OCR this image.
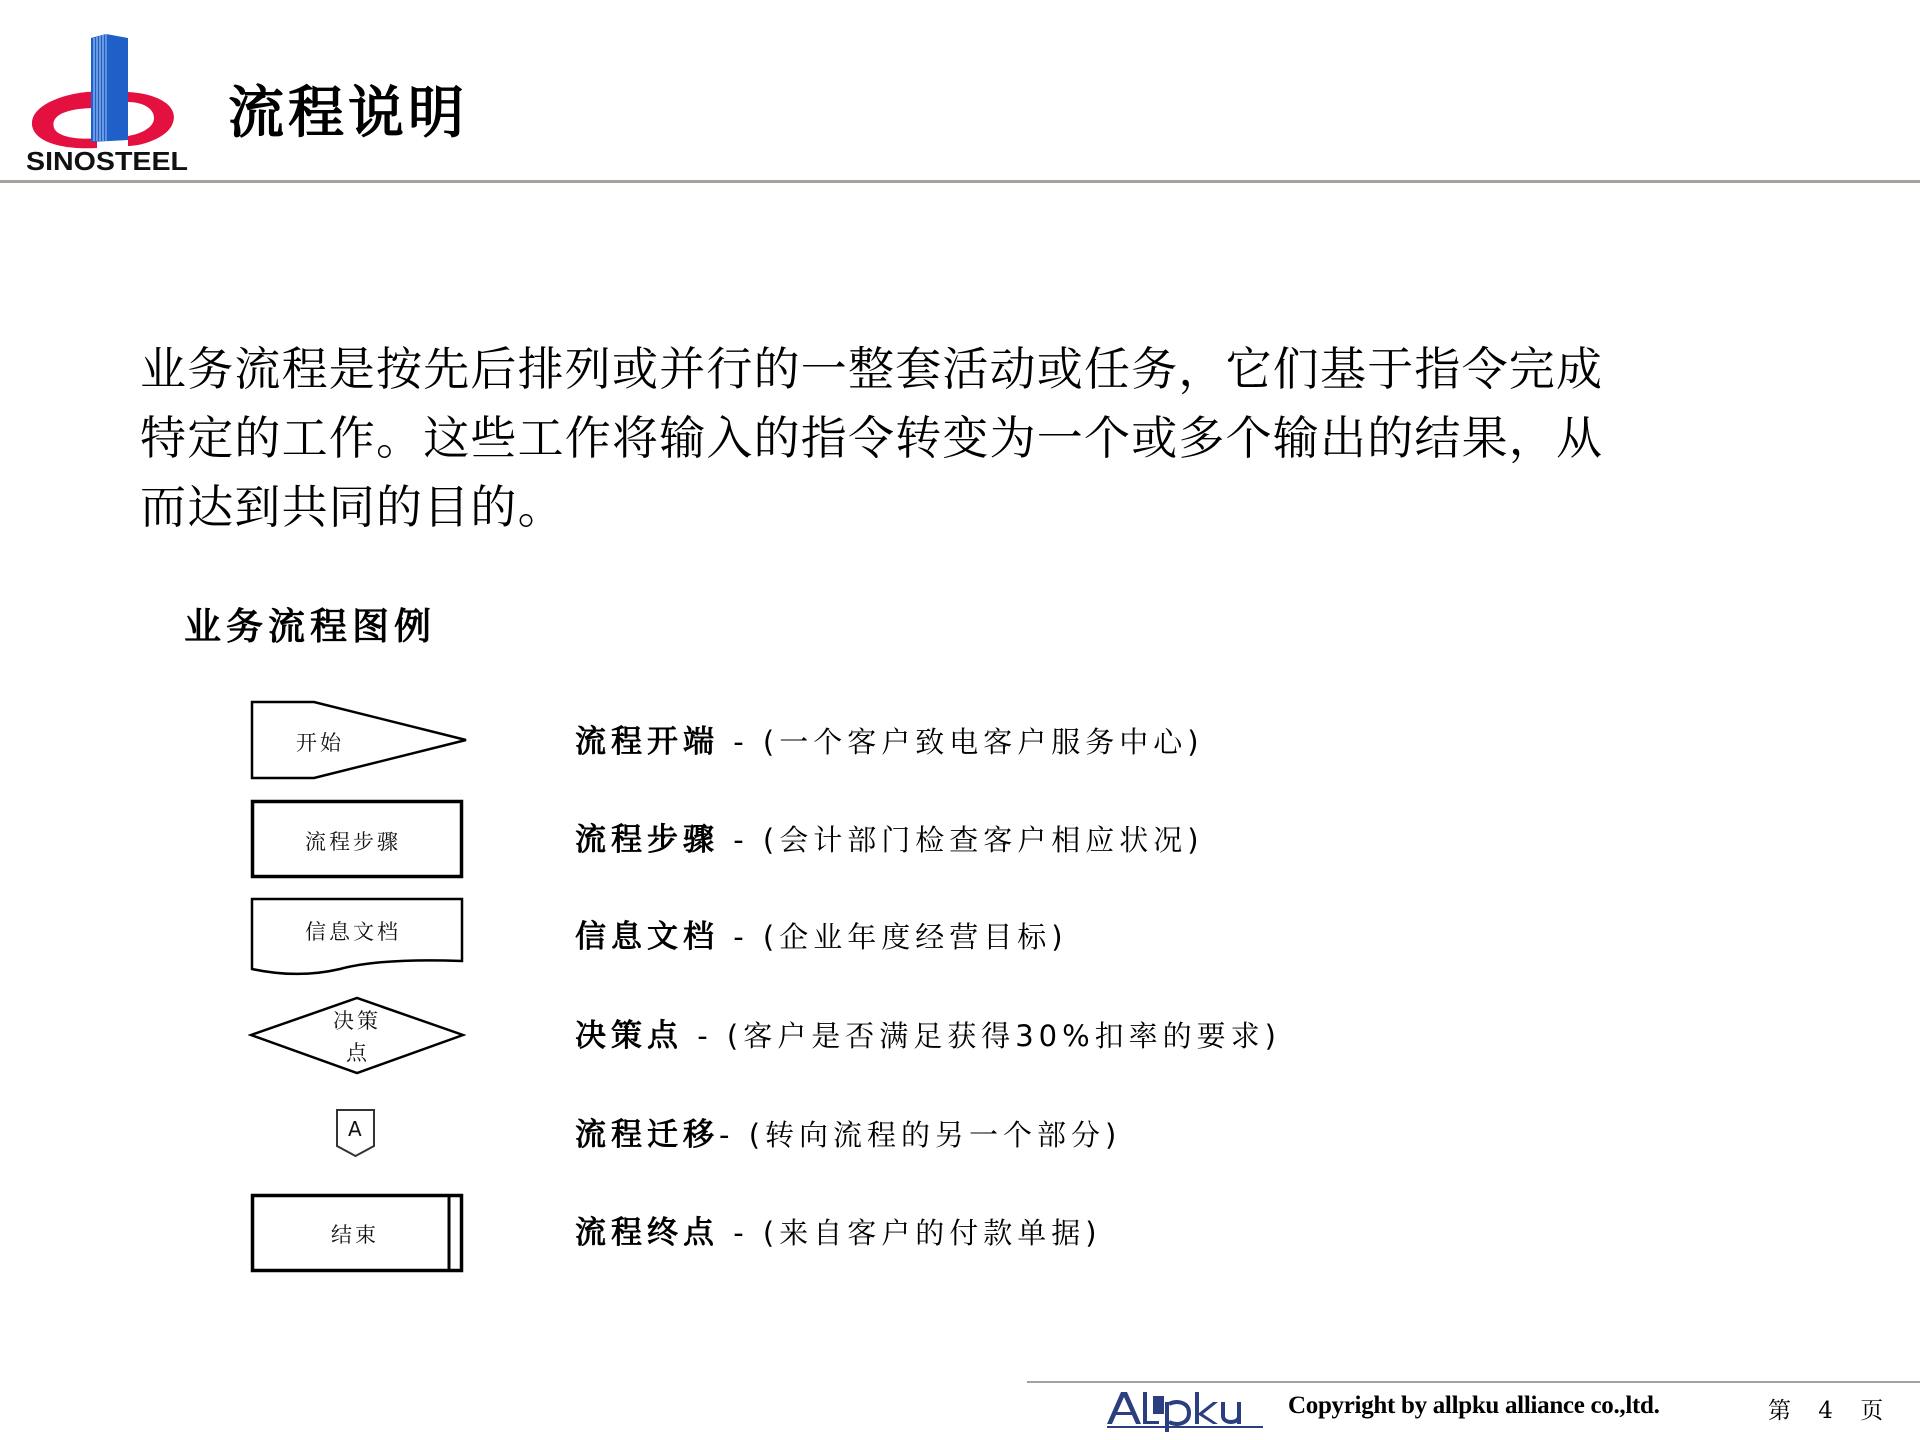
SINOSTEEL
流程说明
业务流程是按先后排列或并行的一整套活动或任务，它们基于指令完成
特定的工作。这些工作将输入的指令转变为一个或多个输出的结果，从
而达到共同的目的。
业务流程图例
开始
流程步骤
信息文档
决策
点
A
结束
流程开端 - (一个客户致电客户服务中心)
流程步骤 - (会计部门检查客户相应状况)
信息文档 - (企业年度经营目标)
决策点 - (客户是否满足获得30%扣率的要求)
流程迁移- (转向流程的另一个部分)
流程终点 - (来自客户的付款单据)
Copyright by allpku alliance co.,ltd.	第 4 页
